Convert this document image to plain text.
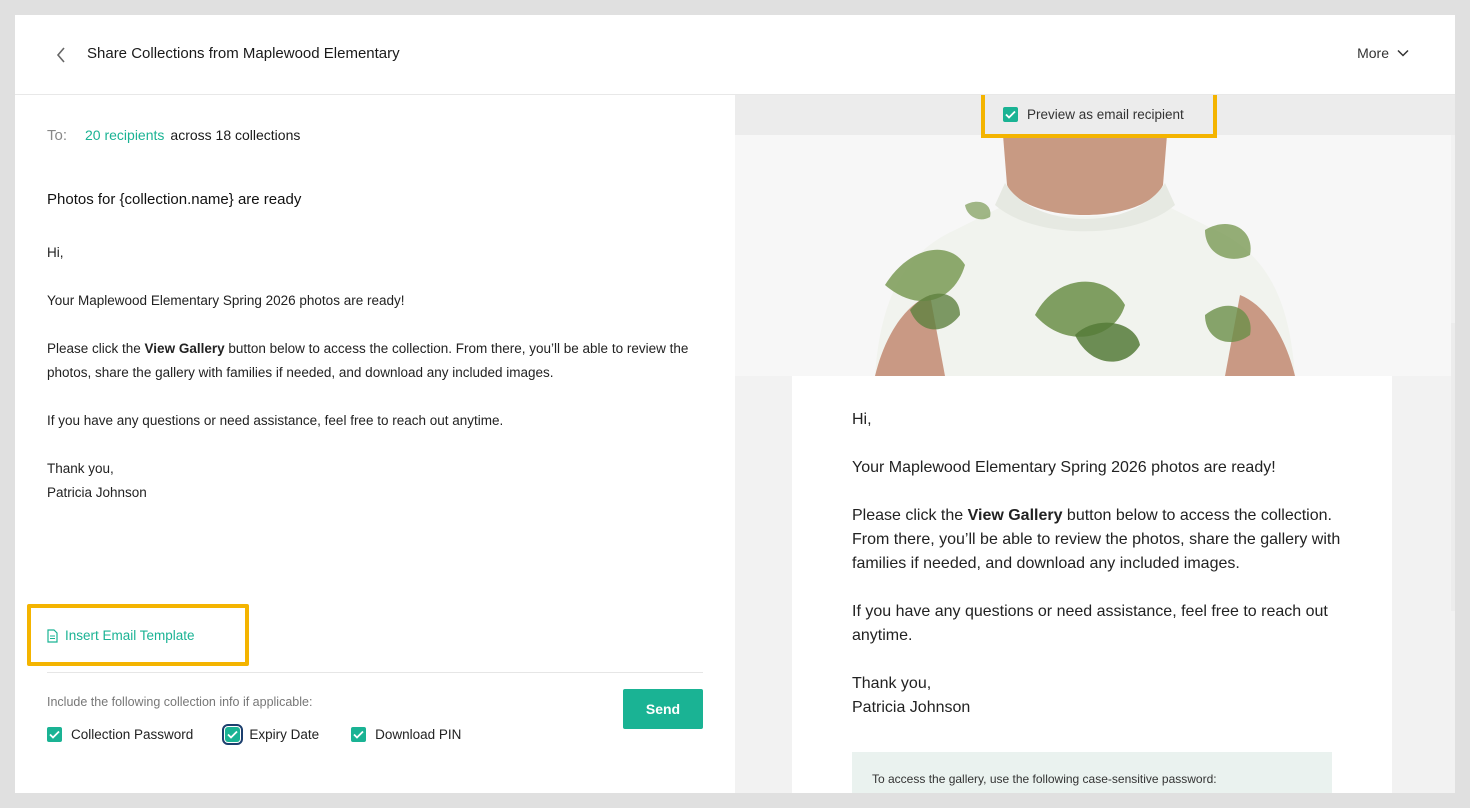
Share Collections from Maplewood Elementary	More
To: 20 recipients across 18 collections
Photos for {collection.name} are ready

Hi,

Your Maplewood Elementary Spring 2026 photos are ready!

Please click the View Gallery button below to access the collection. From there, you’ll be able to review the photos, share the gallery with families if needed, and download any included images.

If you have any questions or need assistance, feel free to reach out anytime.

Thank you,
Patricia Johnson
Insert Email Template
Include the following collection info if applicable:
Collection Password	Expiry Date	Download PIN
Send
Preview as email recipient

Hi,

Your Maplewood Elementary Spring 2026 photos are ready!

Please click the View Gallery button below to access the collection. From there, you’ll be able to review the photos, share the gallery with families if needed, and download any included images.

If you have any questions or need assistance, feel free to reach out anytime.

Thank you,
Patricia Johnson
To access the gallery, use the following case-sensitive password:
